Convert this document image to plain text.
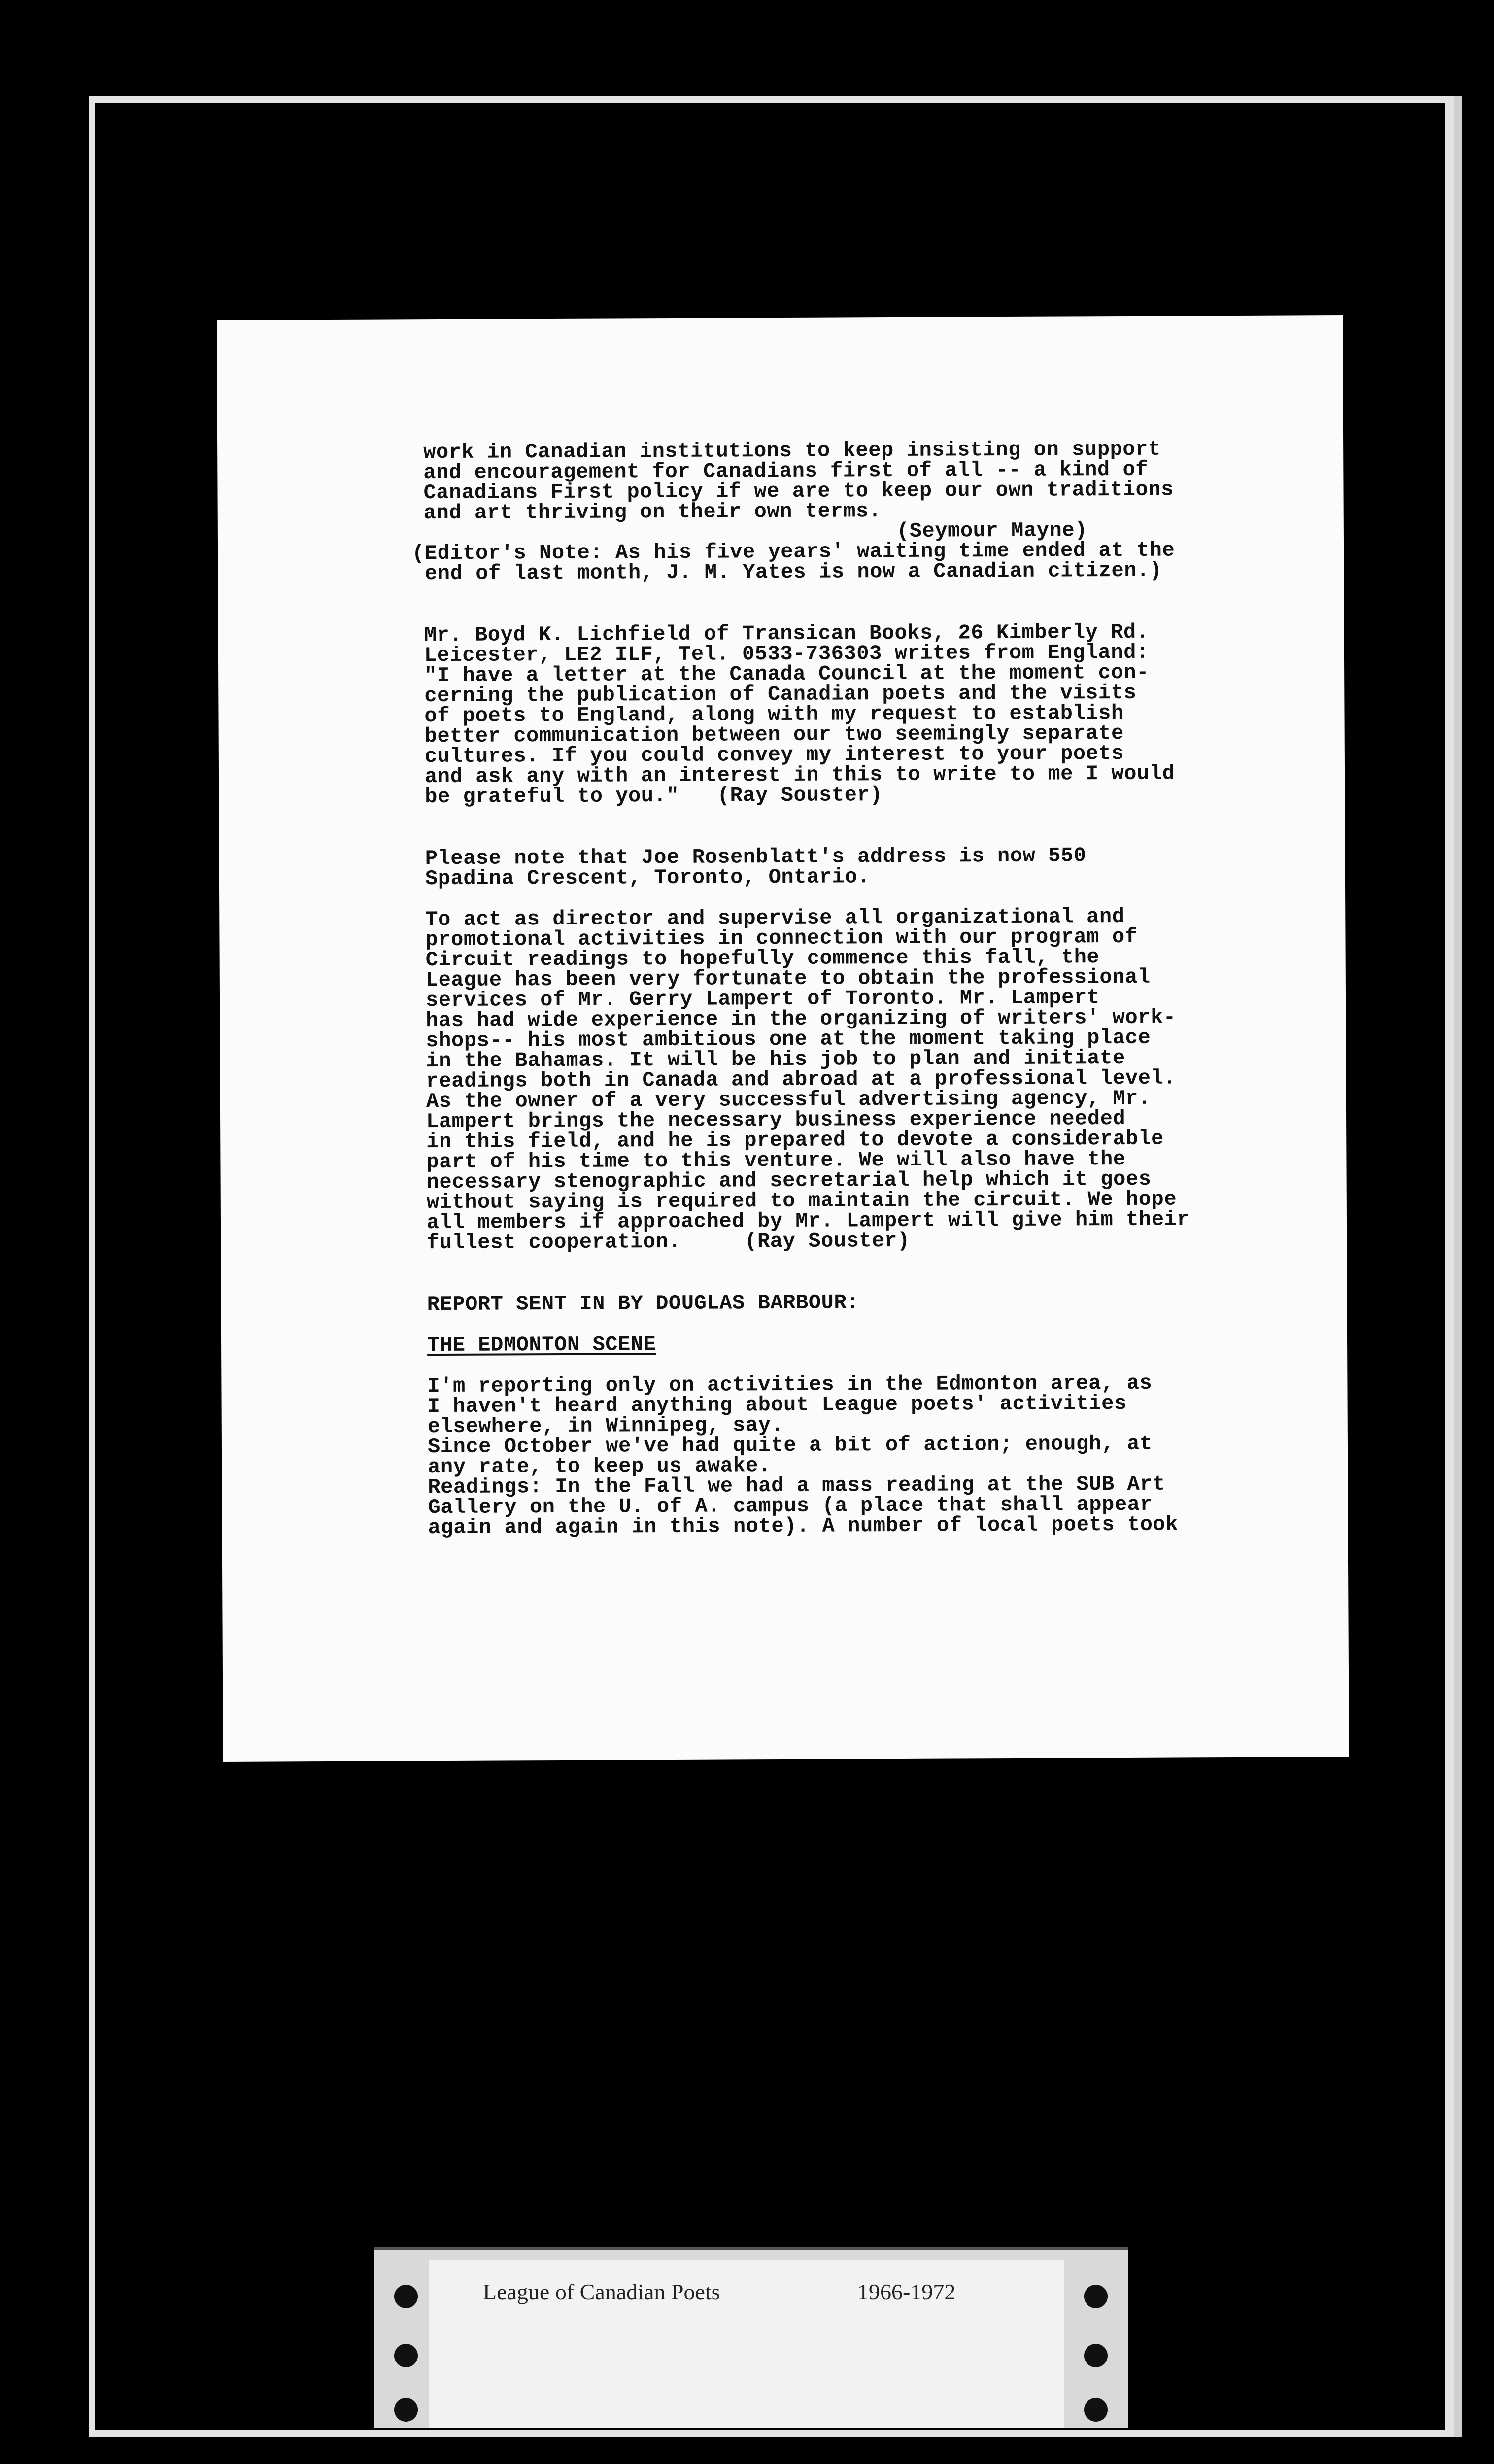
work in Canadian institutions to keep insisting on support

and encouragement for Canadians first of all -- a kind of

Canadians First policy if we are to keep our own traditions

and art thriving on their own terms.

(Seymour Mayne)

(Editor's Note: As his five years' waiting time ended at the

end of last month, J. M. Yates is now a Canadian citizen.)

Mr. Boyd K. Lichfield of Transican Books, 26 Kimberly Rd.

Leicester, LE2 ILF, Tel. 0533-736303 writes from England:

"I have a letter at the Canada Council at the moment con-

cerning the publication of Canadian poets and the visits

of poets to England, along with my request to establish

better communication between our two seemingly separate

cultures. If you could convey my interest to your poets

and ask any with an interest in this to write to me I would

be grateful to you."   (Ray Souster)

Please note that Joe Rosenblatt's address is now 550

Spadina Crescent, Toronto, Ontario.

To act as director and supervise all organizational and

promotional activities in connection with our program of

Circuit readings to hopefully commence this fall, the

League has been very fortunate to obtain the professional

services of Mr. Gerry Lampert of Toronto. Mr. Lampert

has had wide experience in the organizing of writers' work-

shops-- his most ambitious one at the moment taking place

in the Bahamas. It will be his job to plan and initiate

readings both in Canada and abroad at a professional level.

As the owner of a very successful advertising agency, Mr.

Lampert brings the necessary business experience needed

in this field, and he is prepared to devote a considerable

part of his time to this venture. We will also have the

necessary stenographic and secretarial help which it goes

without saying is required to maintain the circuit. We hope

all members if approached by Mr. Lampert will give him their

fullest cooperation.     (Ray Souster)

REPORT SENT IN BY DOUGLAS BARBOUR:

THE EDMONTON SCENE

I'm reporting only on activities in the Edmonton area, as

I haven't heard anything about League poets' activities

elsewhere, in Winnipeg, say.

Since October we've had quite a bit of action; enough, at

any rate, to keep us awake.

Readings: In the Fall we had a mass reading at the SUB Art

Gallery on the U. of A. campus (a place that shall appear

again and again in this note). A number of local poets took

League of Canadian Poets	1966-1972
